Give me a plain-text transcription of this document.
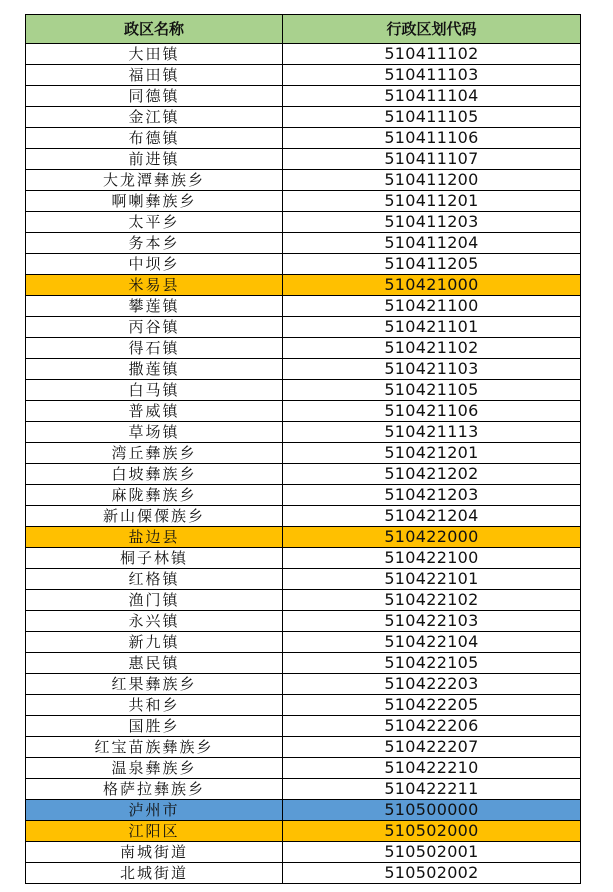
政区名称	行政区划代码
大田镇	510411102
福田镇	510411103
同德镇	510411104
金江镇	510411105
布德镇	510411106
前进镇	510411107
大龙潭彝族乡	510411200
啊喇彝族乡	510411201
太平乡	510411203
务本乡	510411204
中坝乡	510411205
米易县	510421000
攀莲镇	510421100
丙谷镇	510421101
得石镇	510421102
撒莲镇	510421103
白马镇	510421105
普威镇	510421106
草场镇	510421113
湾丘彝族乡	510421201
白坡彝族乡	510421202
麻陇彝族乡	510421203
新山傈僳族乡	510421204
盐边县	510422000
桐子林镇	510422100
红格镇	510422101
渔门镇	510422102
永兴镇	510422103
新九镇	510422104
惠民镇	510422105
红果彝族乡	510422203
共和乡	510422205
国胜乡	510422206
红宝苗族彝族乡	510422207
温泉彝族乡	510422210
格萨拉彝族乡	510422211
泸州市	510500000
江阳区	510502000
南城街道	510502001
北城街道	510502002
